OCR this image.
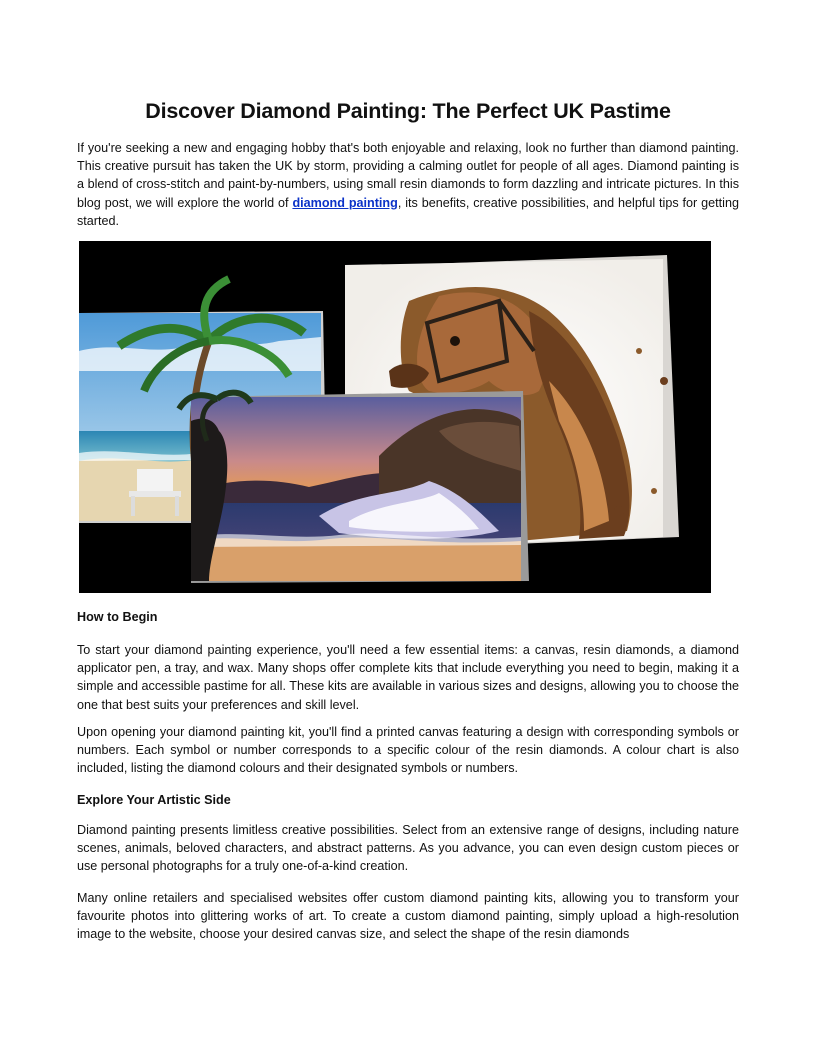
Discover Diamond Painting: The Perfect UK Pastime

If you're seeking a new and engaging hobby that's both enjoyable and relaxing, look no further than diamond painting. This creative pursuit has taken the UK by storm, providing a calming outlet for people of all ages. Diamond painting is a blend of cross-stitch and paint-by-numbers, using small resin diamonds to form dazzling and intricate pictures. In this blog post, we will explore the world of diamond painting, its benefits, creative possibilities, and helpful tips for getting started.

How to Begin

To start your diamond painting experience, you'll need a few essential items: a canvas, resin diamonds, a diamond applicator pen, a tray, and wax. Many shops offer complete kits that include everything you need to begin, making it a simple and accessible pastime for all. These kits are available in various sizes and designs, allowing you to choose the one that best suits your preferences and skill level.

Upon opening your diamond painting kit, you'll find a printed canvas featuring a design with corresponding symbols or numbers. Each symbol or number corresponds to a specific colour of the resin diamonds. A colour chart is also included, listing the diamond colours and their designated symbols or numbers.

Explore Your Artistic Side

Diamond painting presents limitless creative possibilities. Select from an extensive range of designs, including nature scenes, animals, beloved characters, and abstract patterns. As you advance, you can even design custom pieces or use personal photographs for a truly one-of-a-kind creation.

Many online retailers and specialised websites offer custom diamond painting kits, allowing you to transform your favourite photos into glittering works of art. To create a custom diamond painting, simply upload a high-resolution image to the website, choose your desired canvas size, and select the shape of the resin diamonds
